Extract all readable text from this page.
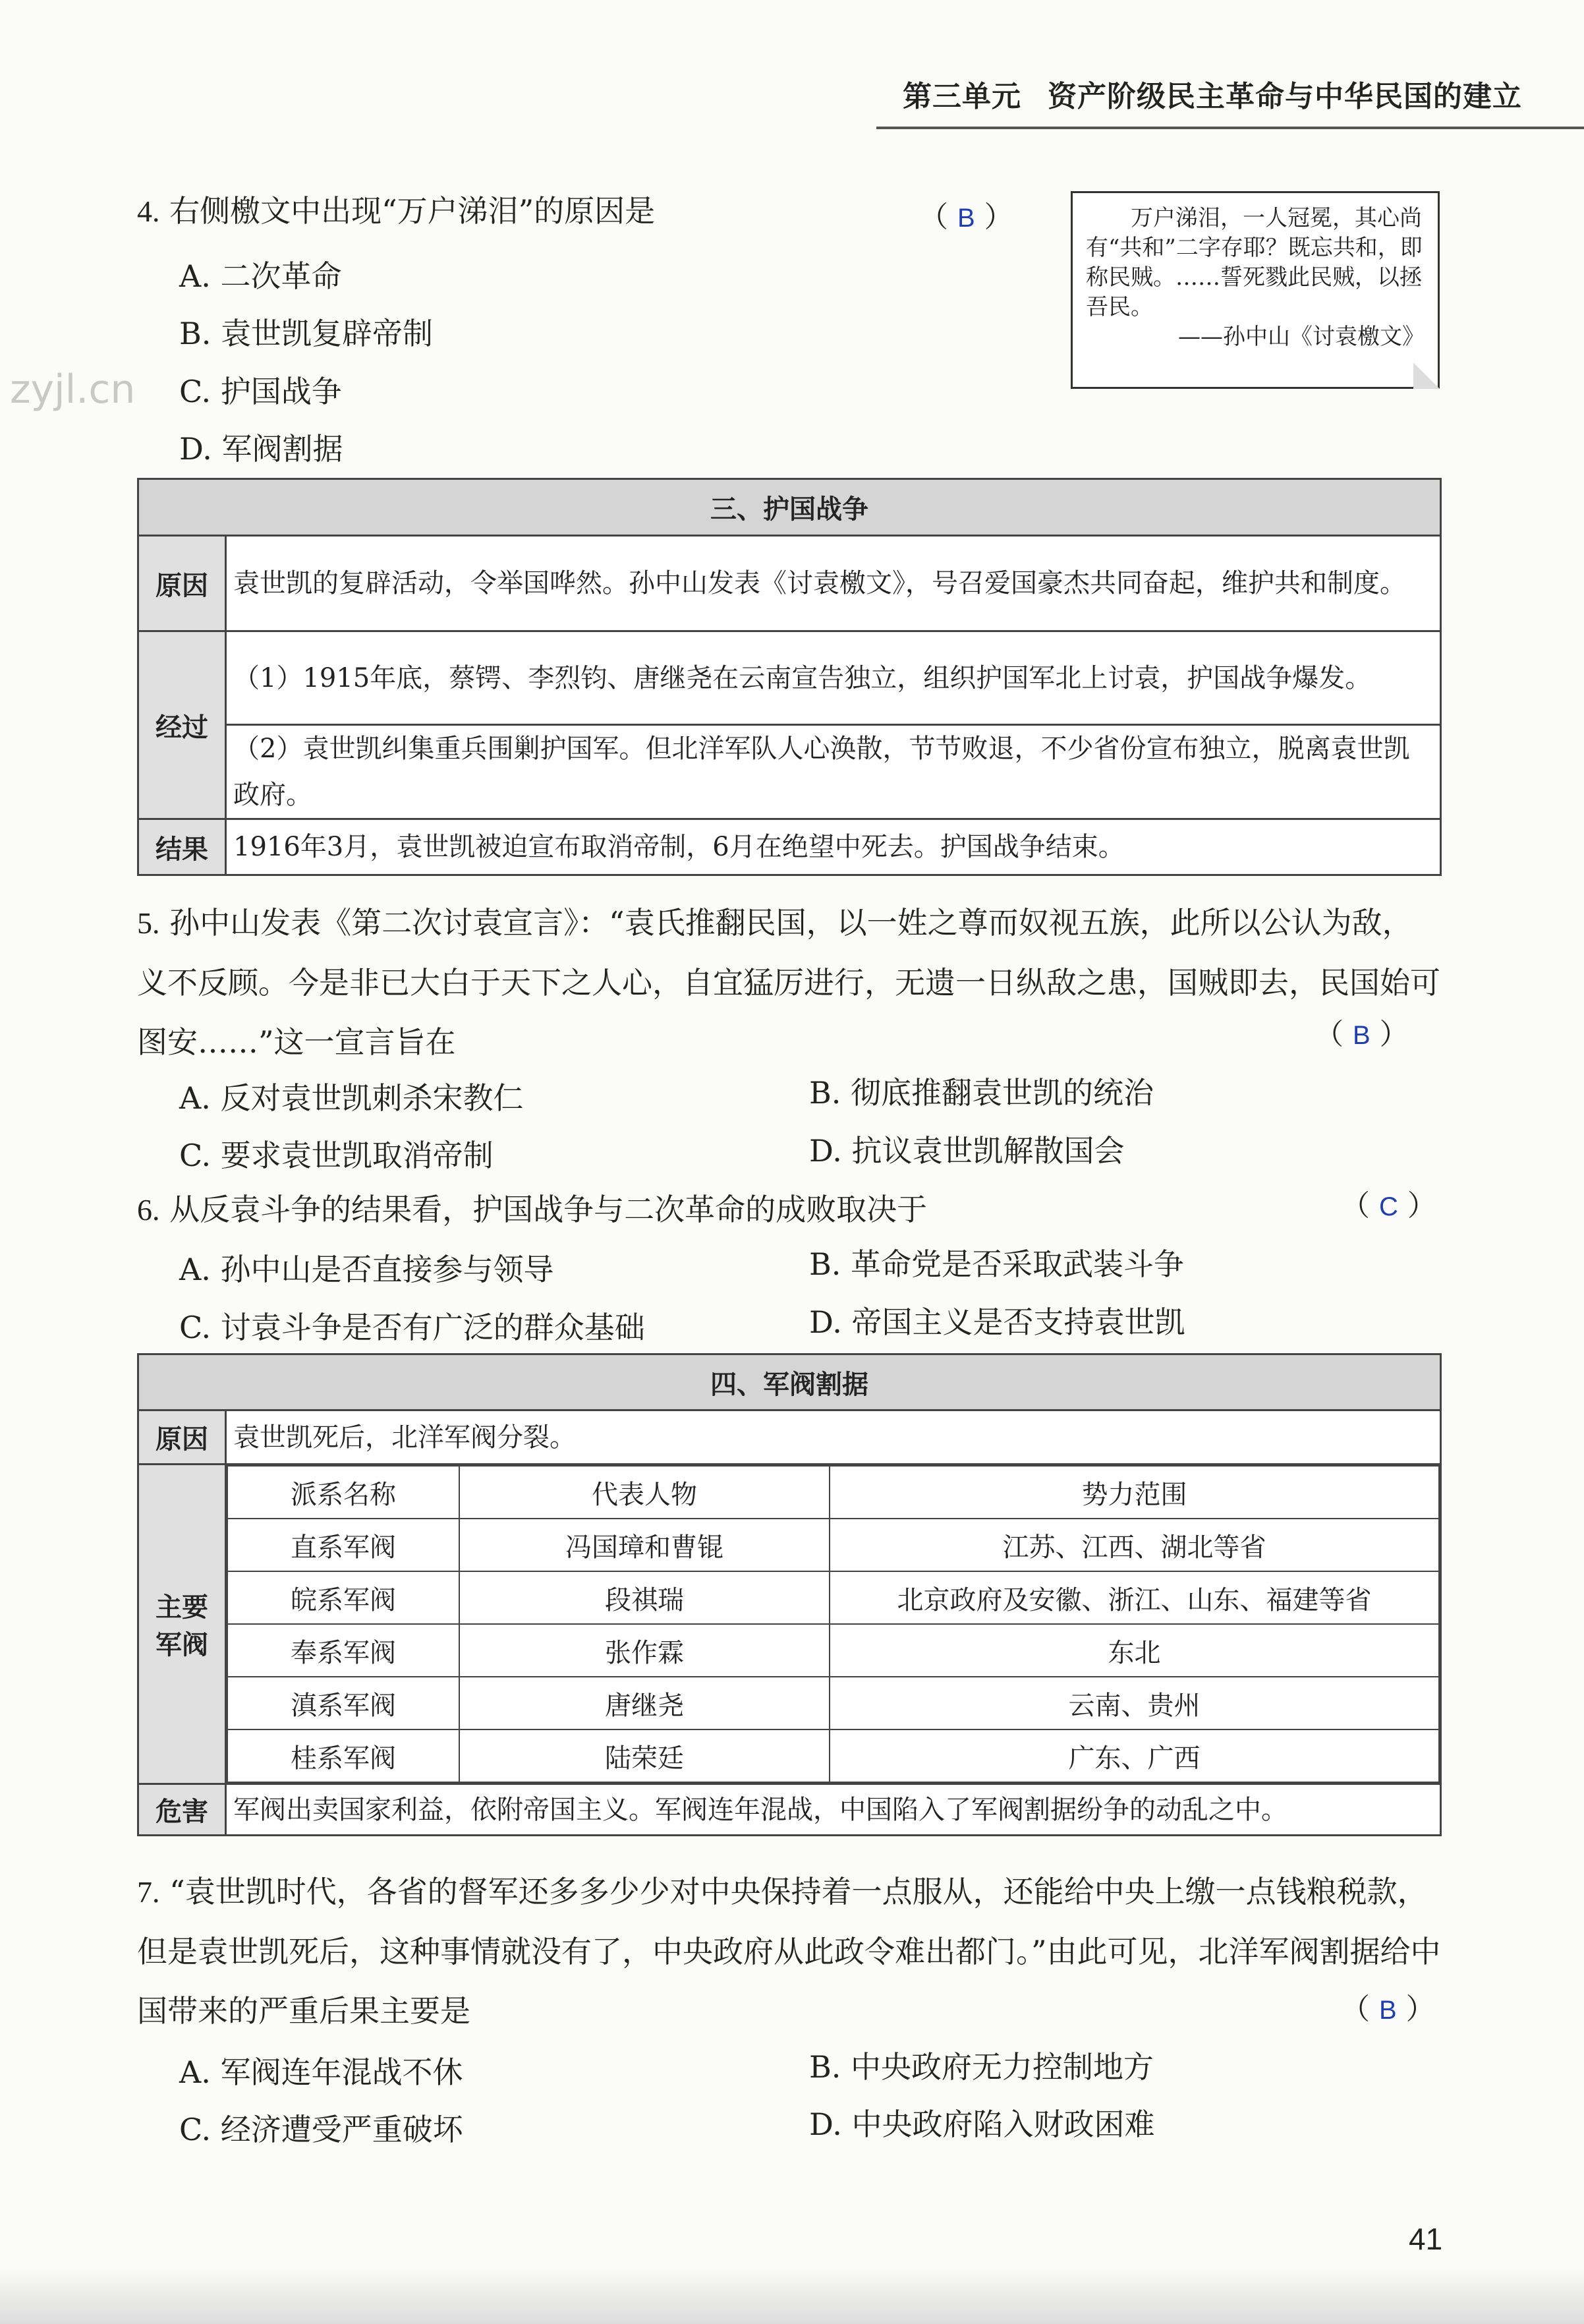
第三单元 资产阶级民主革命与中华民国的建立
zyjl.cn
4. 右侧檄文中出现“万户涕泪”的原因是	（ B ）
A. 二次革命
B. 袁世凯复辟帝制
C. 护国战争
D. 军阀割据
万户涕泪，一人冠冕，其心尚有“共和”二字存耶？既忘共和，即称民贼。……誓死戮此民贼，以拯吾民。
——孙中山《讨袁檄文》
三、护国战争	
原因	袁世凯的复辟活动，令举国哗然。孙中山发表《讨袁檄文》，号召爱国豪杰共同奋起，维护共和制度。
经过	（1）1915年底，蔡锷、李烈钧、唐继尧在云南宣告独立，组织护国军北上讨袁，护国战争爆发。
	（2）袁世凯纠集重兵围剿护国军。但北洋军队人心涣散，节节败退，不少省份宣布独立，脱离袁世凯政府。
结果	1916年3月，袁世凯被迫宣布取消帝制，6月在绝望中死去。护国战争结束。
5. 孙中山发表《第二次讨袁宣言》：“袁氏推翻民国，以一姓之尊而奴视五族，此所以公认为敌，义不反顾。今是非已大白于天下之人心，自宜猛厉进行，无遗一日纵敌之患，国贼即去，民国始可图安……”这一宣言旨在	（ B ）
A. 反对袁世凯刺杀宋教仁	B. 彻底推翻袁世凯的统治
C. 要求袁世凯取消帝制	D. 抗议袁世凯解散国会
6. 从反袁斗争的结果看，护国战争与二次革命的成败取决于	（ C ）
A. 孙中山是否直接参与领导	B. 革命党是否采取武装斗争
C. 讨袁斗争是否有广泛的群众基础	D. 帝国主义是否支持袁世凯
四、军阀割据
原因	袁世凯死后，北洋军阀分裂。

主要
军阀

派系名称	代表人物	势力范围
直系军阀	冯国璋和曹锟	江苏、江西、湖北等省
皖系军阀	段祺瑞	北京政府及安徽、浙江、山东、福建等省
奉系军阀	张作霖	东北
滇系军阀	唐继尧	云南、贵州
桂系军阀	陆荣廷	广东、广西

危害	军阀出卖国家利益，依附帝国主义。军阀连年混战，中国陷入了军阀割据纷争的动乱之中。
7. “袁世凯时代，各省的督军还多多少少对中央保持着一点服从，还能给中央上缴一点钱粮税款，但是袁世凯死后，这种事情就没有了，中央政府从此政令难出都门。”由此可见，北洋军阀割据给中国带来的严重后果主要是	（ B ）
A. 军阀连年混战不休	B. 中央政府无力控制地方
C. 经济遭受严重破坏	D. 中央政府陷入财政困难
41
